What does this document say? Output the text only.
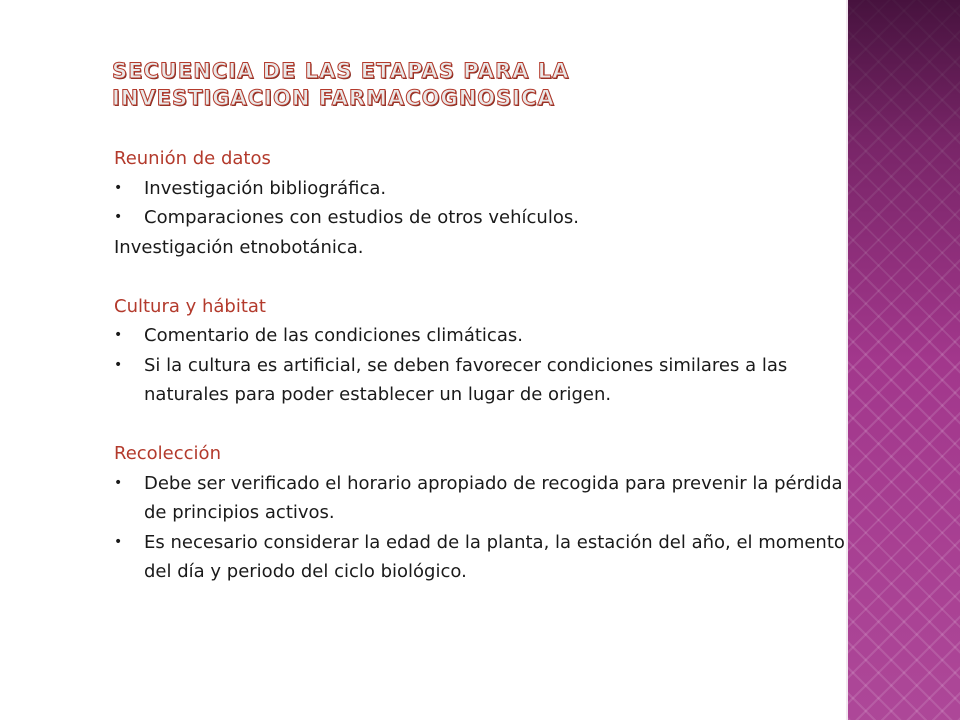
SECUENCIA DE LAS ETAPAS PARA LA INVESTIGACION FARMACOGNOSICA
Reunión de datos
• Investigación bibliográfica.
• Comparaciones con estudios de otros vehículos.
Investigación etnobotánica.
Cultura y hábitat
• Comentario de las condiciones climáticas.
• Si la cultura es artificial, se deben favorecer condiciones similares a las naturales para poder establecer un lugar de origen.
Recolección
• Debe ser verificado el horario apropiado de recogida para prevenir la pérdida de principios activos.
• Es necesario considerar la edad de la planta, la estación del año, el momento del día y periodo del ciclo biológico.
